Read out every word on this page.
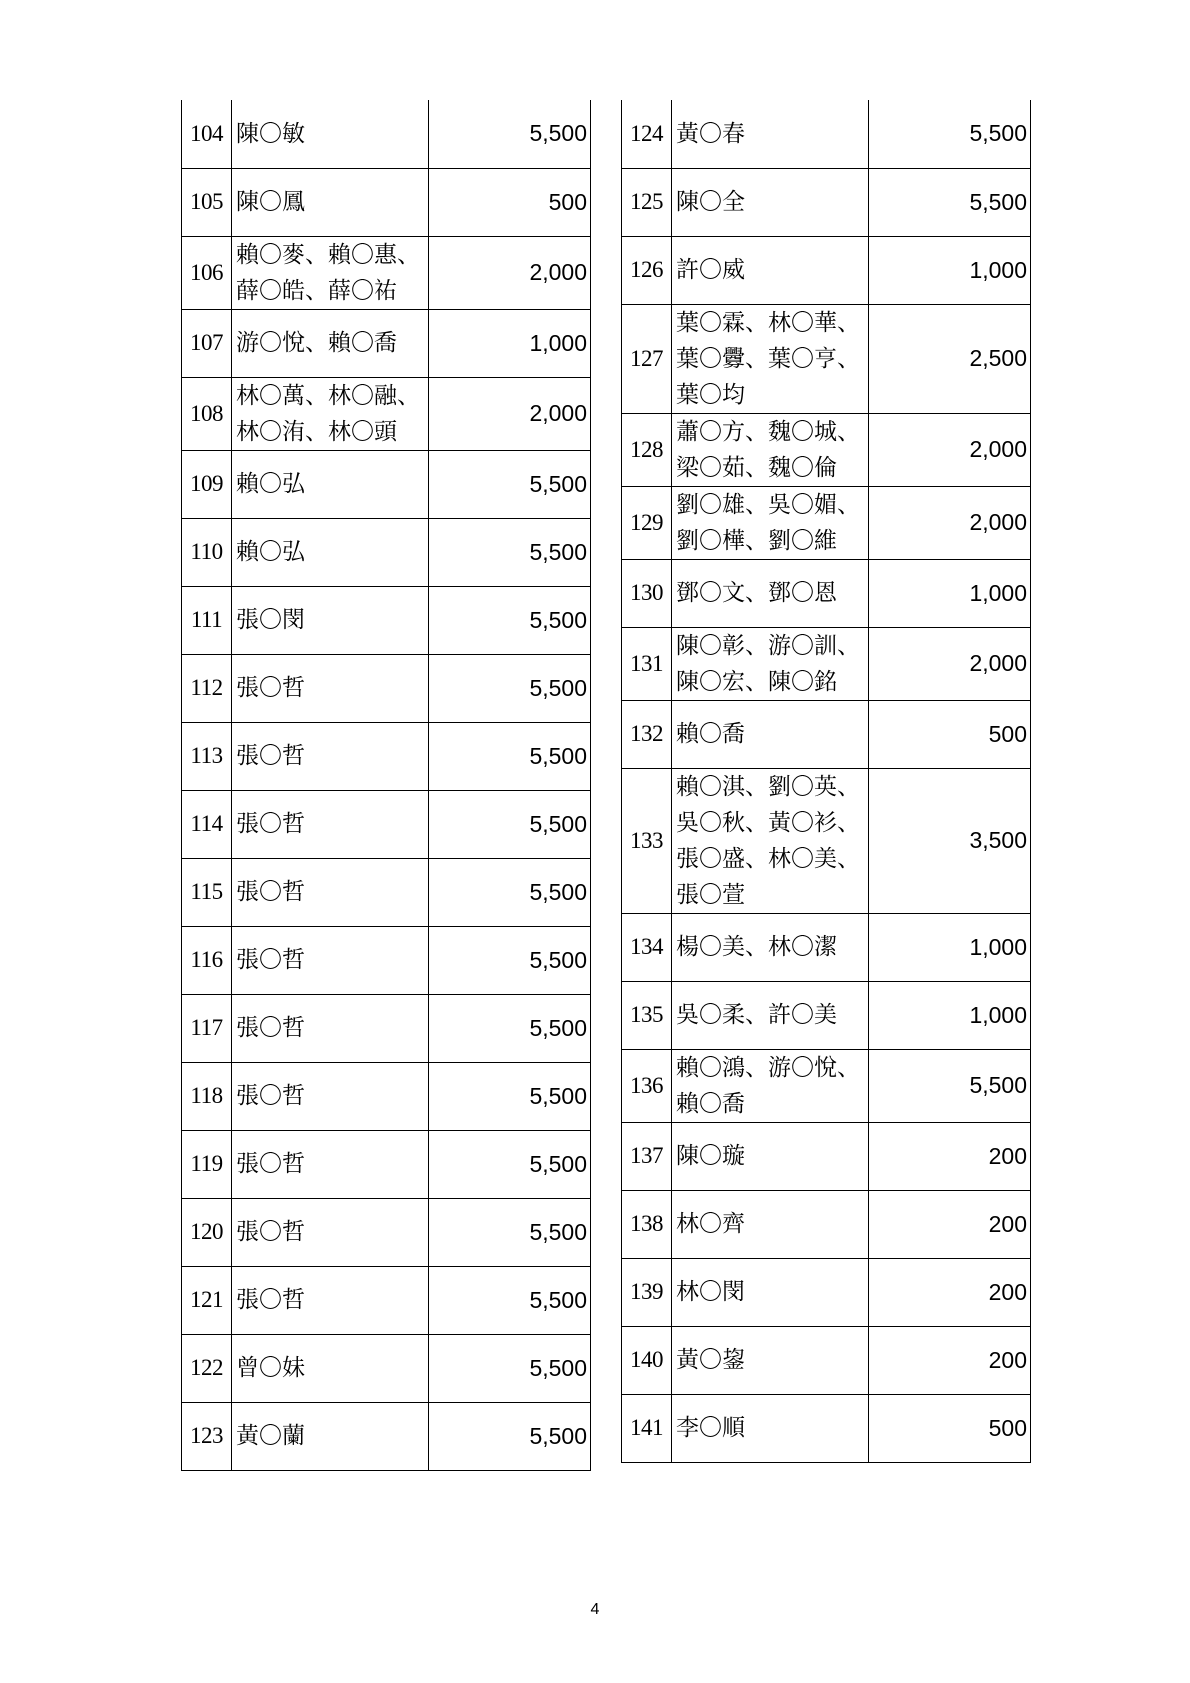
104	陳〇敏	5,500
105	陳〇鳳	500
106	賴〇麥、賴〇惠、
薛〇皓、薛〇祐	2,000
107	游〇悅、賴〇喬	1,000
108	林〇萬、林〇融、
林〇洧、林〇頭	2,000
109	賴〇弘	5,500
110	賴〇弘	5,500
111	張〇閔	5,500
112	張〇哲	5,500
113	張〇哲	5,500
114	張〇哲	5,500
115	張〇哲	5,500
116	張〇哲	5,500
117	張〇哲	5,500
118	張〇哲	5,500
119	張〇哲	5,500
120	張〇哲	5,500
121	張〇哲	5,500
122	曾〇妹	5,500
123	黃〇蘭	5,500
124	黃〇春	5,500
125	陳〇全	5,500
126	許〇威	1,000
127	葉〇霖、林〇華、
葉〇釁、葉〇亨、
葉〇均	2,500
128	蕭〇方、魏〇城、
梁〇茹、魏〇倫	2,000
129	劉〇雄、吳〇媚、
劉〇樺、劉〇維	2,000
130	鄧〇文、鄧〇恩	1,000
131	陳〇彰、游〇訓、
陳〇宏、陳〇銘	2,000
132	賴〇喬	500
133	賴〇淇、劉〇英、
吳〇秋、黃〇衫、
張〇盛、林〇美、
張〇萱	3,500
134	楊〇美、林〇潔	1,000
135	吳〇柔、許〇美	1,000
136	賴〇鴻、游〇悅、
賴〇喬	5,500
137	陳〇璇	200
138	林〇齊	200
139	林〇閔	200
140	黃〇鋆	200
141	李〇順	500
4
